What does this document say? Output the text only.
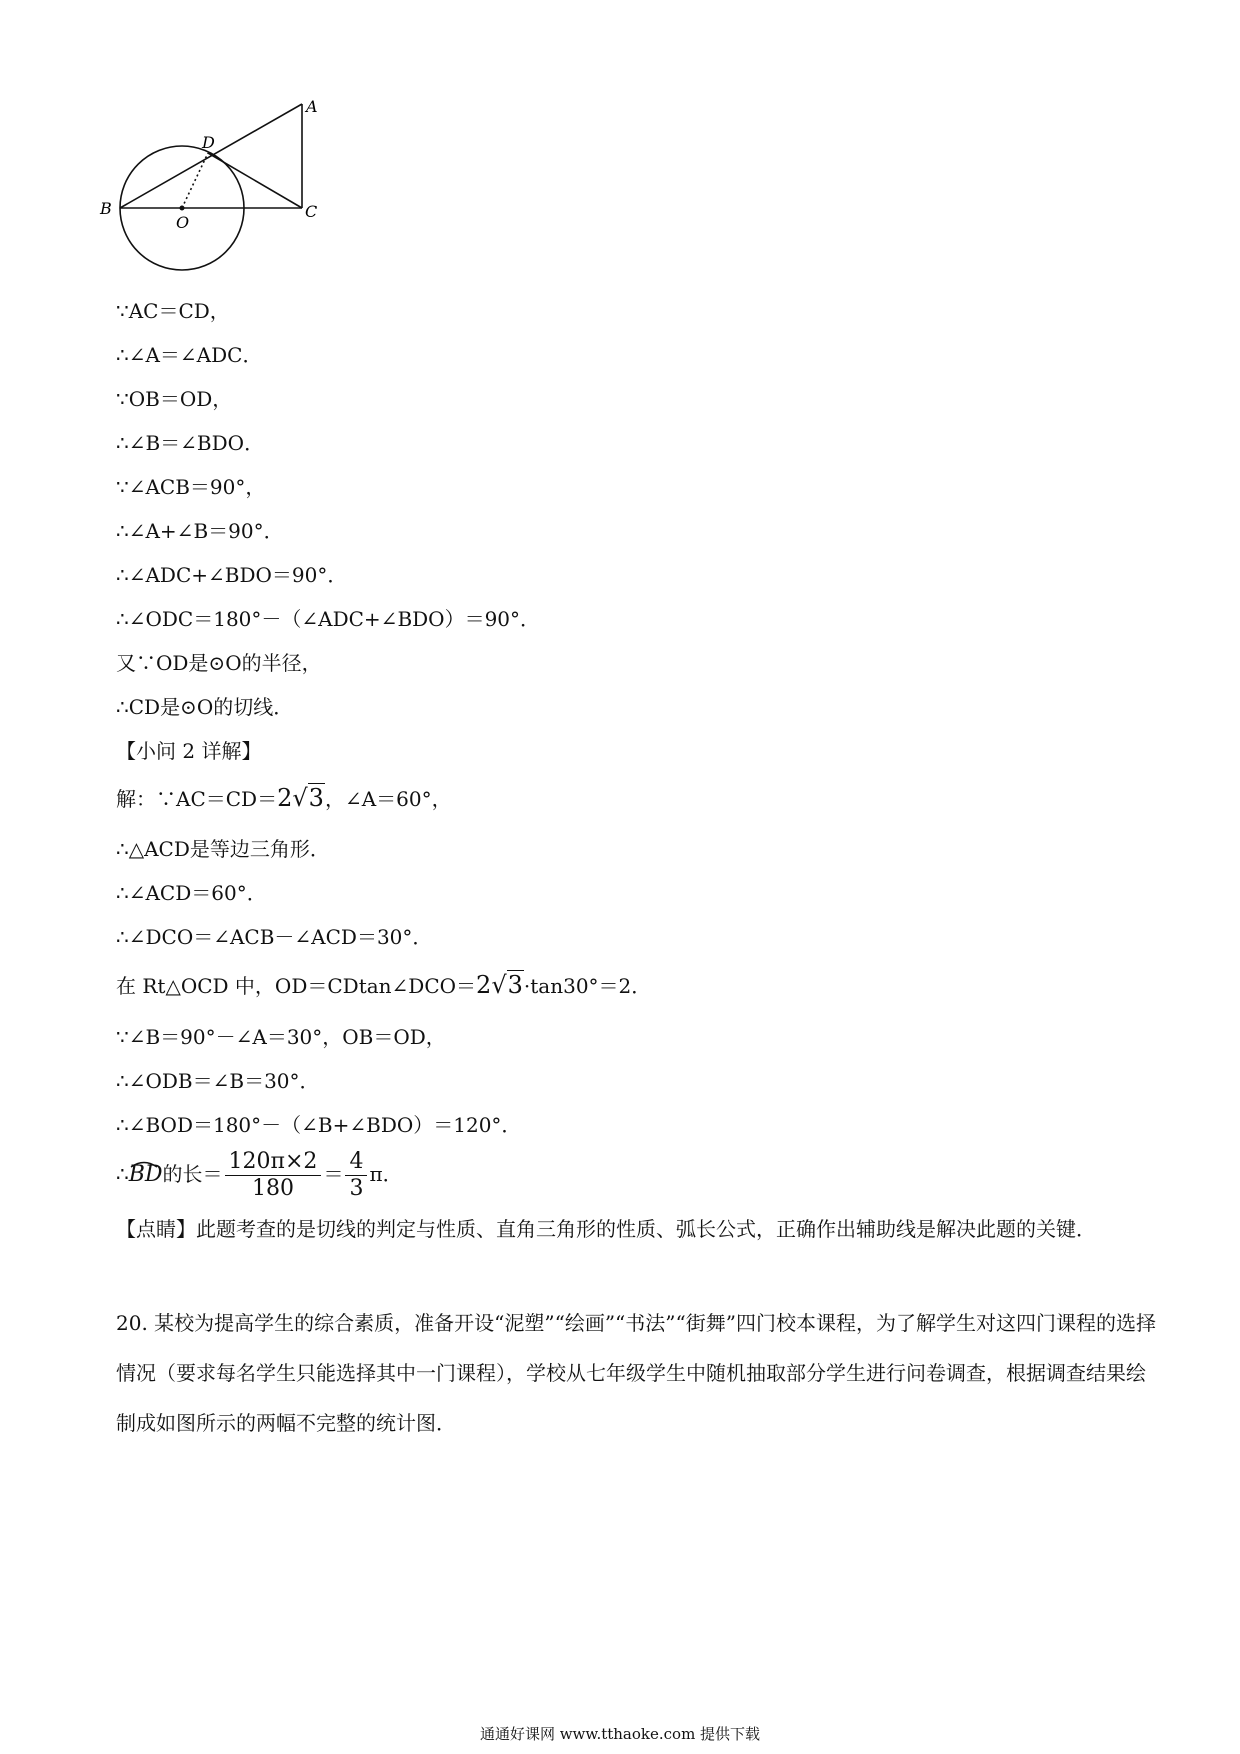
A
B	C
D
O
∵AC＝CD，
∴∠A＝∠ADC．
∵OB＝OD，
∴∠B＝∠BDO．
∵∠ACB＝90°，
∴∠A+∠B＝90°．
∴∠ADC+∠BDO＝90°．
∴∠ODC＝180°－（∠ADC+∠BDO）＝90°．
又∵OD是⊙O的半径，
∴CD是⊙O的切线．
【小问 2 详解】
解：∵AC＝CD＝2√3，∠A＝60°，
∴△ACD是等边三角形．
∴∠ACD＝60°．
∴∠DCO＝∠ACB－∠ACD＝30°．
在 Rt△OCD 中，OD＝CDtan∠DCO＝2√3·tan30°＝2．
∵∠B＝90°－∠A＝30°，OB＝OD，
∴∠ODB＝∠B＝30°．
∴∠BOD＝180°－（∠B+∠BDO）＝120°．
∴BD
的长＝ $\frac{120\pi\times 2}{180} = \frac{4}{3}$ π．
【点睛】此题考查的是切线的判定与性质、直角三角形的性质、弧长公式，正确作出辅助线是解决此题的关键．
20. 某校为提高学生的综合素质，准备开设“泥塑”“绘画”“书法”“街舞”四门校本课程，为了解学生对这四门课程的选择情况（要求每名学生只能选择其中一门课程），学校从七年级学生中随机抽取部分学生进行问卷调查，根据调查结果绘制成如图所示的两幅不完整的统计图．
通通好课网 www.tthaoke.com 提供下载
